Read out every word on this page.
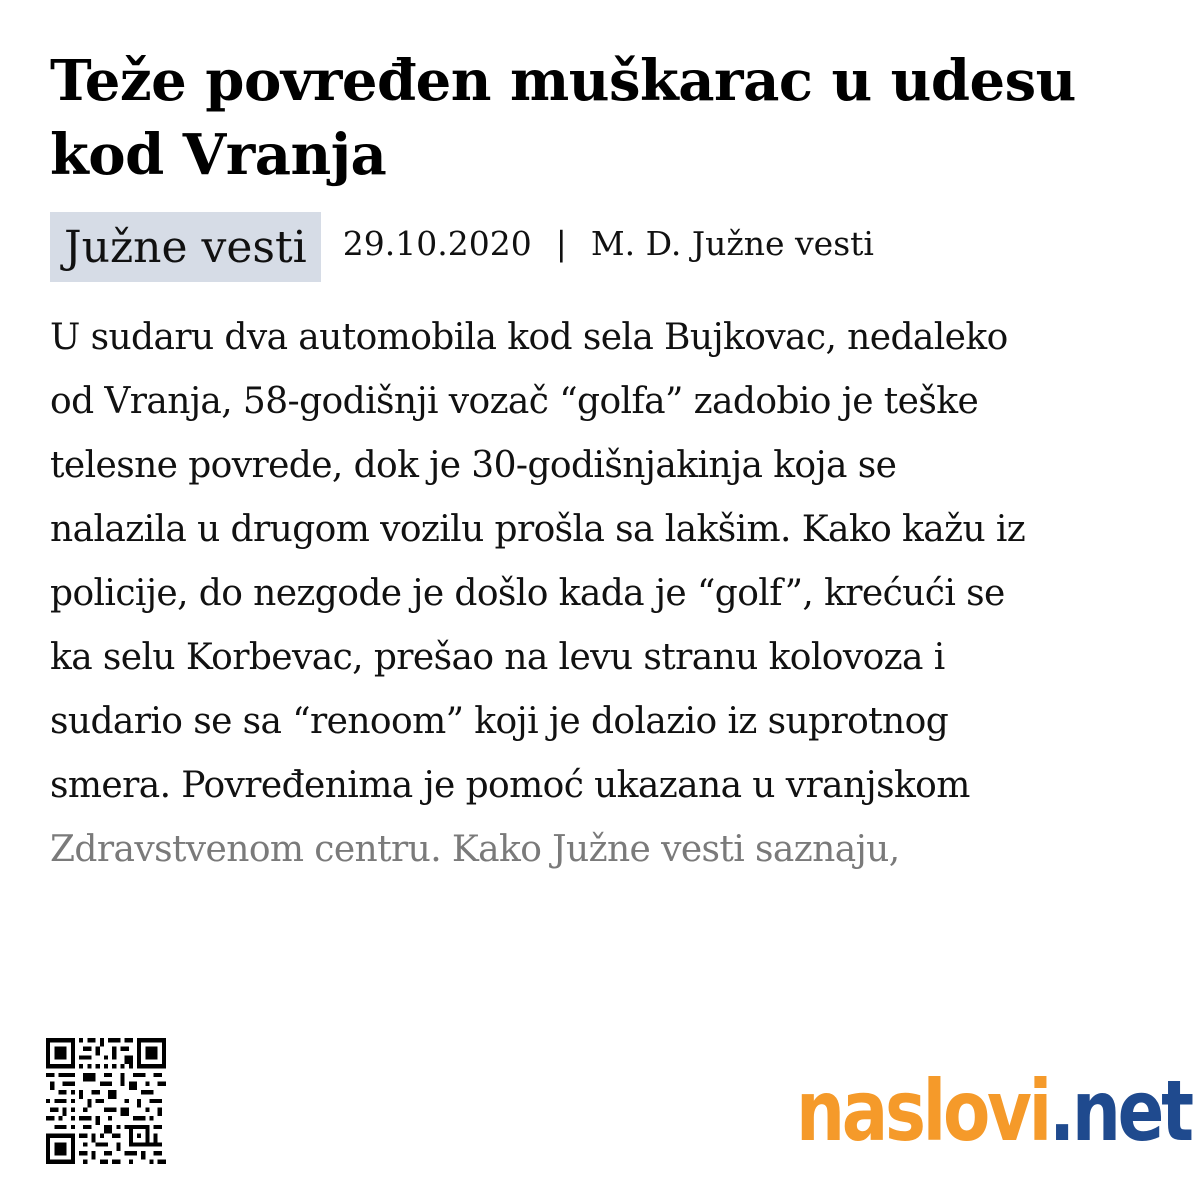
Teže povređen muškarac u udesu kod Vranja
Južne vesti	29.10.2020 | M. D. Južne vesti
U sudaru dva automobila kod sela Bujkovac, nedaleko
od Vranja, 58-godišnji vozač “golfa” zadobio je teške
telesne povrede, dok je 30-godišnjakinja koja se
nalazila u drugom vozilu prošla sa lakšim. Kako kažu iz
policije, do nezgode je došlo kada je “golf”, krećući se
ka selu Korbevac, prešao na levu stranu kolovoza i
sudario se sa “renoom” koji je dolazio iz suprotnog
smera. Povređenima je pomoć ukazana u vranjskom
Zdravstvenom centru. Kako Južne vesti saznaju,
naslovi .net
